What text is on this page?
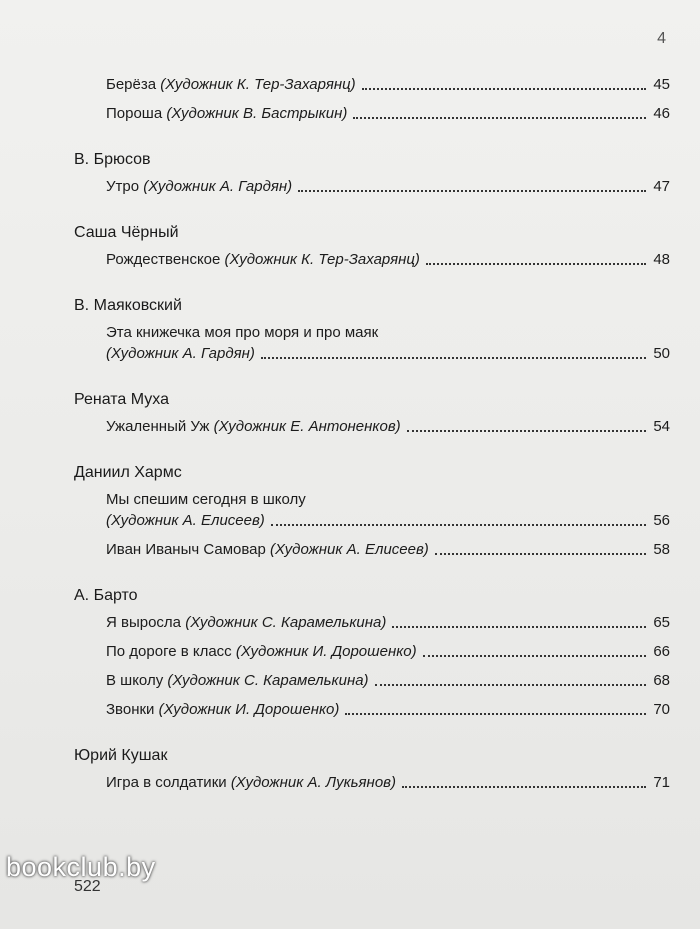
4
Берёза (Художник К. Тер-Захарянц)	45
Пороша (Художник В. Бастрыкин)	46
В. Брюсов
Утро (Художник А. Гардян)	47
Саша Чёрный
Рождественское (Художник К. Тер-Захарянц)	48
В. Маяковский
Эта книжечка моя про моря и про маяк
(Художник А. Гардян)	50
Рената Муха
Ужаленный Уж (Художник Е. Антоненков)	54
Даниил Хармс
Мы спешим сегодня в школу
(Художник А. Елисеев)	56
Иван Иваныч Самовар (Художник А. Елисеев)	58
А. Барто
Я выросла (Художник С. Карамелькина)	65
По дороге в класс (Художник И. Дорошенко)	66
В школу (Художник С. Карамелькина)	68
Звонки (Художник И. Дорошенко)	70
Юрий Кушак
Игра в солдатики (Художник А. Лукьянов)	71
522
bookclub.by
